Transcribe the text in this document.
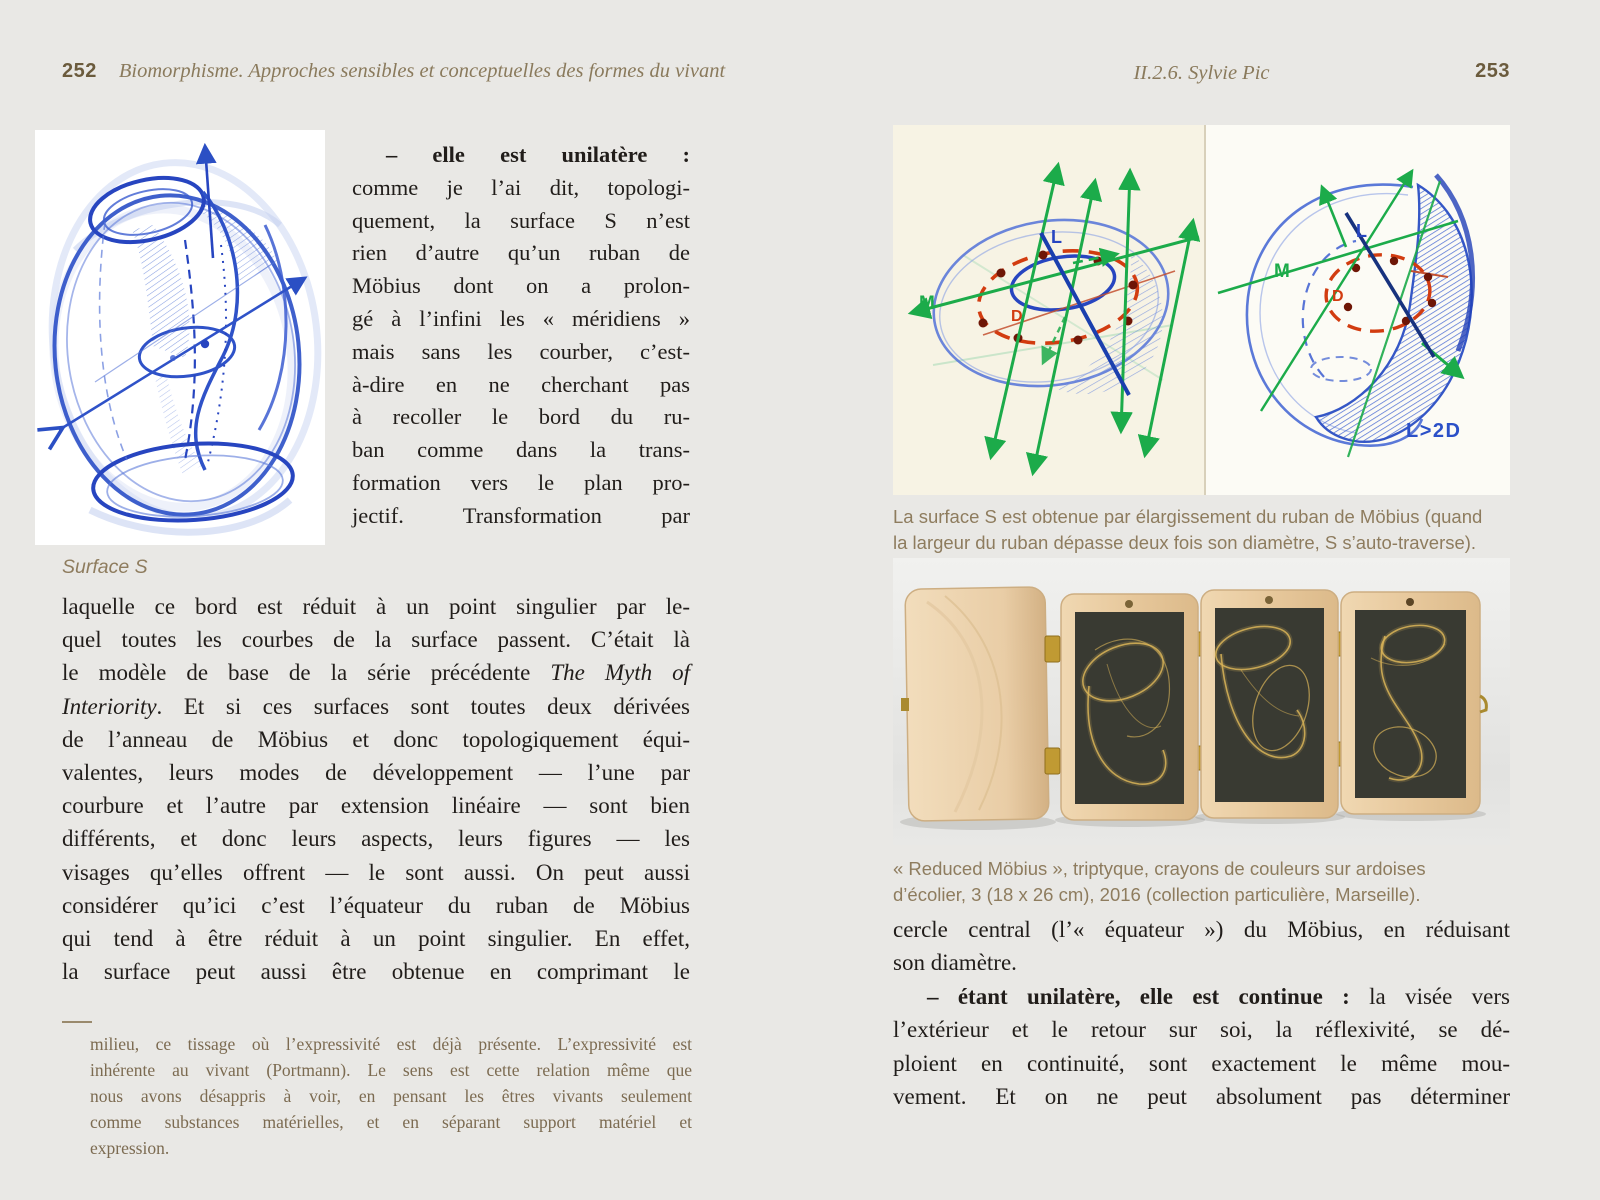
252 Biomorphisme. Approches sensibles et conceptuelles des formes du vivant	II.2.6. Sylvie Pic	253
– elle est unilatère :
comme je l’ai dit, topologi-
quement, la surface S n’est
rien d’autre qu’un ruban de
Möbius dont on a prolon-
gé à l’infini les « méridiens »
mais sans les courber, c’est-
à-dire en ne cherchant pas
à recoller le bord du ru-
ban comme dans la trans-
formation vers le plan pro-
jectif. Transformation par
Surface S
laquelle ce bord est réduit à un point singulier par le-
quel toutes les courbes de la surface passent. C’était là
le modèle de base de la série précédente The Myth of
Interiority. Et si ces surfaces sont toutes deux dérivées
de l’anneau de Möbius et donc topologiquement équi-
valentes, leurs modes de développement — l’une par
courbure et l’autre par extension linéaire — sont bien
différents, et donc leurs aspects, leurs figures — les
visages qu’elles offrent — le sont aussi. On peut aussi
considérer qu’ici c’est l’équateur du ruban de Möbius
qui tend à être réduit à un point singulier. En effet,
la surface peut aussi être obtenue en comprimant le
milieu, ce tissage où l’expressivité est déjà présente. L’expressivité est
inhérente au vivant (Portmann). Le sens est cette relation même que
nous avons désappris à voir, en pensant les êtres vivants seulement
comme substances matérielles, et en séparant support matériel et
expression.
M
L
D
L
M
D
L>2D
La surface S est obtenue par élargissement du ruban de Möbius (quand
la largeur du ruban dépasse deux fois son diamètre, S s’auto-traverse).
« Reduced Möbius », triptyque, crayons de couleurs sur ardoises
d’écolier, 3 (18 x 26 cm), 2016 (collection particulière, Marseille).
cercle central (l’« équateur ») du Möbius, en réduisant
son diamètre.
– étant unilatère, elle est continue : la visée vers
l’extérieur et le retour sur soi, la réflexivité, se dé-
ploient en continuité, sont exactement le même mou-
vement. Et on ne peut absolument pas déterminer
